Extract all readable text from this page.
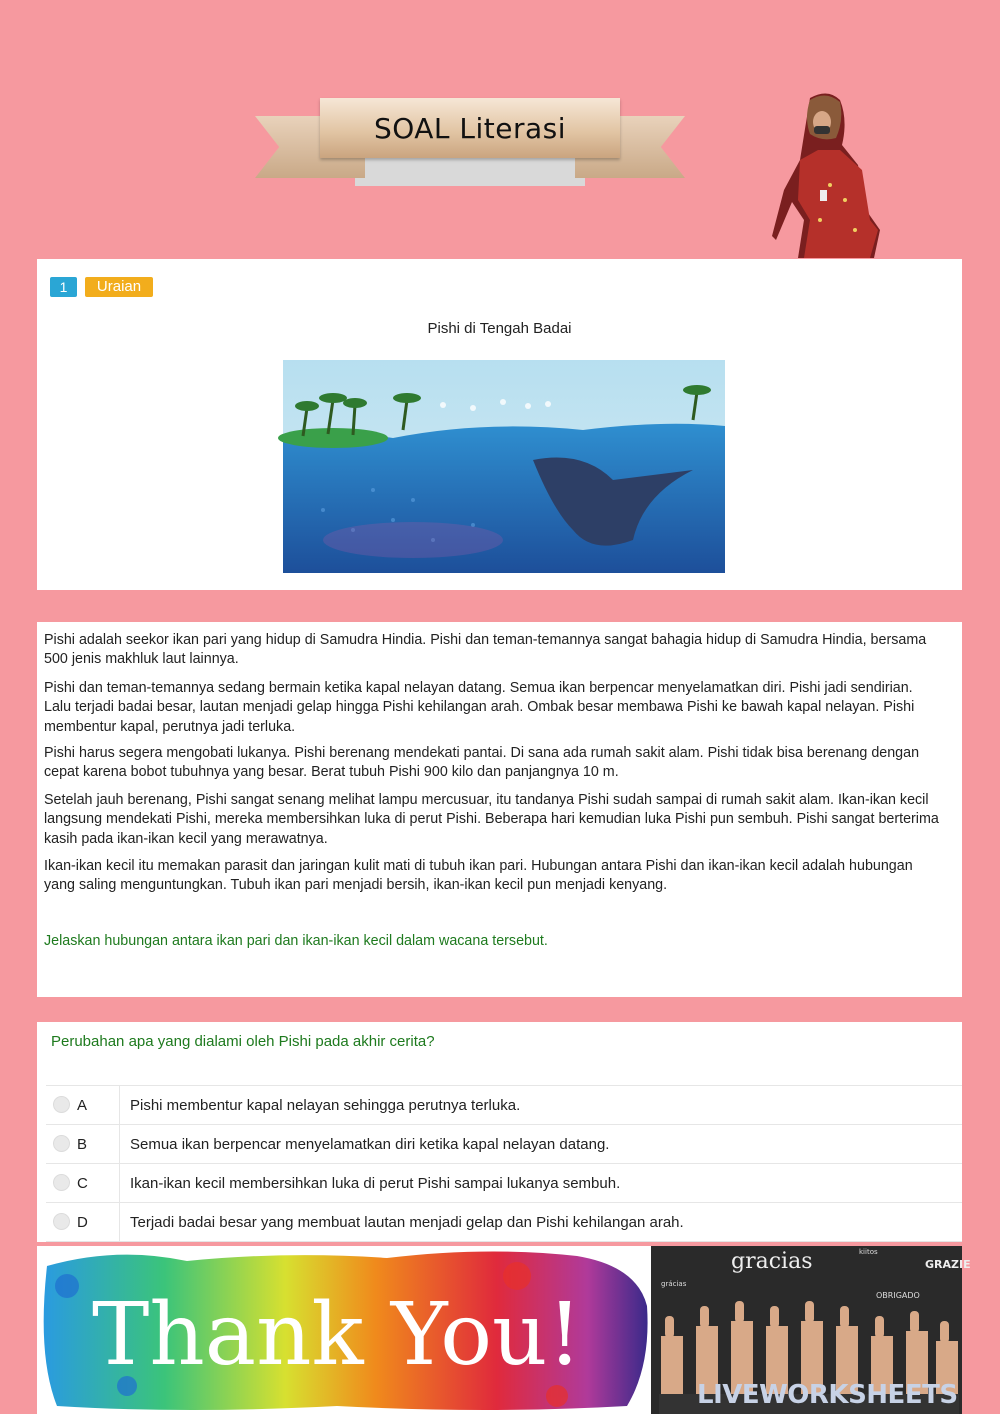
SOAL Literasi
1	Uraian
Pishi di Tengah Badai

Pishi adalah seekor ikan pari yang hidup di Samudra Hindia. Pishi dan teman-temannya sangat bahagia hidup di Samudra Hindia, bersama 500 jenis makhluk laut lainnya.

Pishi dan teman-temannya sedang bermain ketika kapal nelayan datang. Semua ikan berpencar menyelamatkan diri. Pishi jadi sendirian. Lalu terjadi badai besar, lautan menjadi gelap hingga Pishi kehilangan arah. Ombak besar membawa Pishi ke bawah kapal nelayan. Pishi membentur kapal, perutnya jadi terluka.

Pishi harus segera mengobati lukanya. Pishi berenang mendekati pantai. Di sana ada rumah sakit alam. Pishi tidak bisa berenang dengan cepat karena bobot tubuhnya yang besar. Berat tubuh Pishi 900 kilo dan panjangnya 10 m.

Setelah jauh berenang, Pishi sangat senang melihat lampu mercusuar, itu tandanya Pishi sudah sampai di rumah sakit alam. Ikan-ikan kecil langsung mendekati Pishi, mereka membersihkan luka di perut Pishi. Beberapa hari kemudian luka Pishi pun sembuh. Pishi sangat berterima kasih pada ikan-ikan kecil yang merawatnya.

Ikan-ikan kecil itu memakan parasit dan jaringan kulit mati di tubuh ikan pari. Hubungan antara Pishi dan ikan-ikan kecil adalah hubungan yang saling menguntungkan. Tubuh ikan pari menjadi bersih, ikan-ikan kecil pun menjadi kenyang.

Jelaskan hubungan antara ikan pari dan ikan-ikan kecil dalam wacana tersebut.
Perubahan apa yang dialami oleh Pishi pada akhir cerita?
A	Pishi membentur kapal nelayan sehingga perutnya terluka.
B	Semua ikan berpencar menyelamatkan diri ketika kapal nelayan datang.
C	Ikan-ikan kecil membersihkan luka di perut Pishi sampai lukanya sembuh.
D	Terjadi badai besar yang membuat lautan menjadi gelap dan Pishi kehilangan arah.
Thank You!
gracias	kiitos
GRAZIE
grácias
OBRIGADO
LIVEWORKSHEETS
